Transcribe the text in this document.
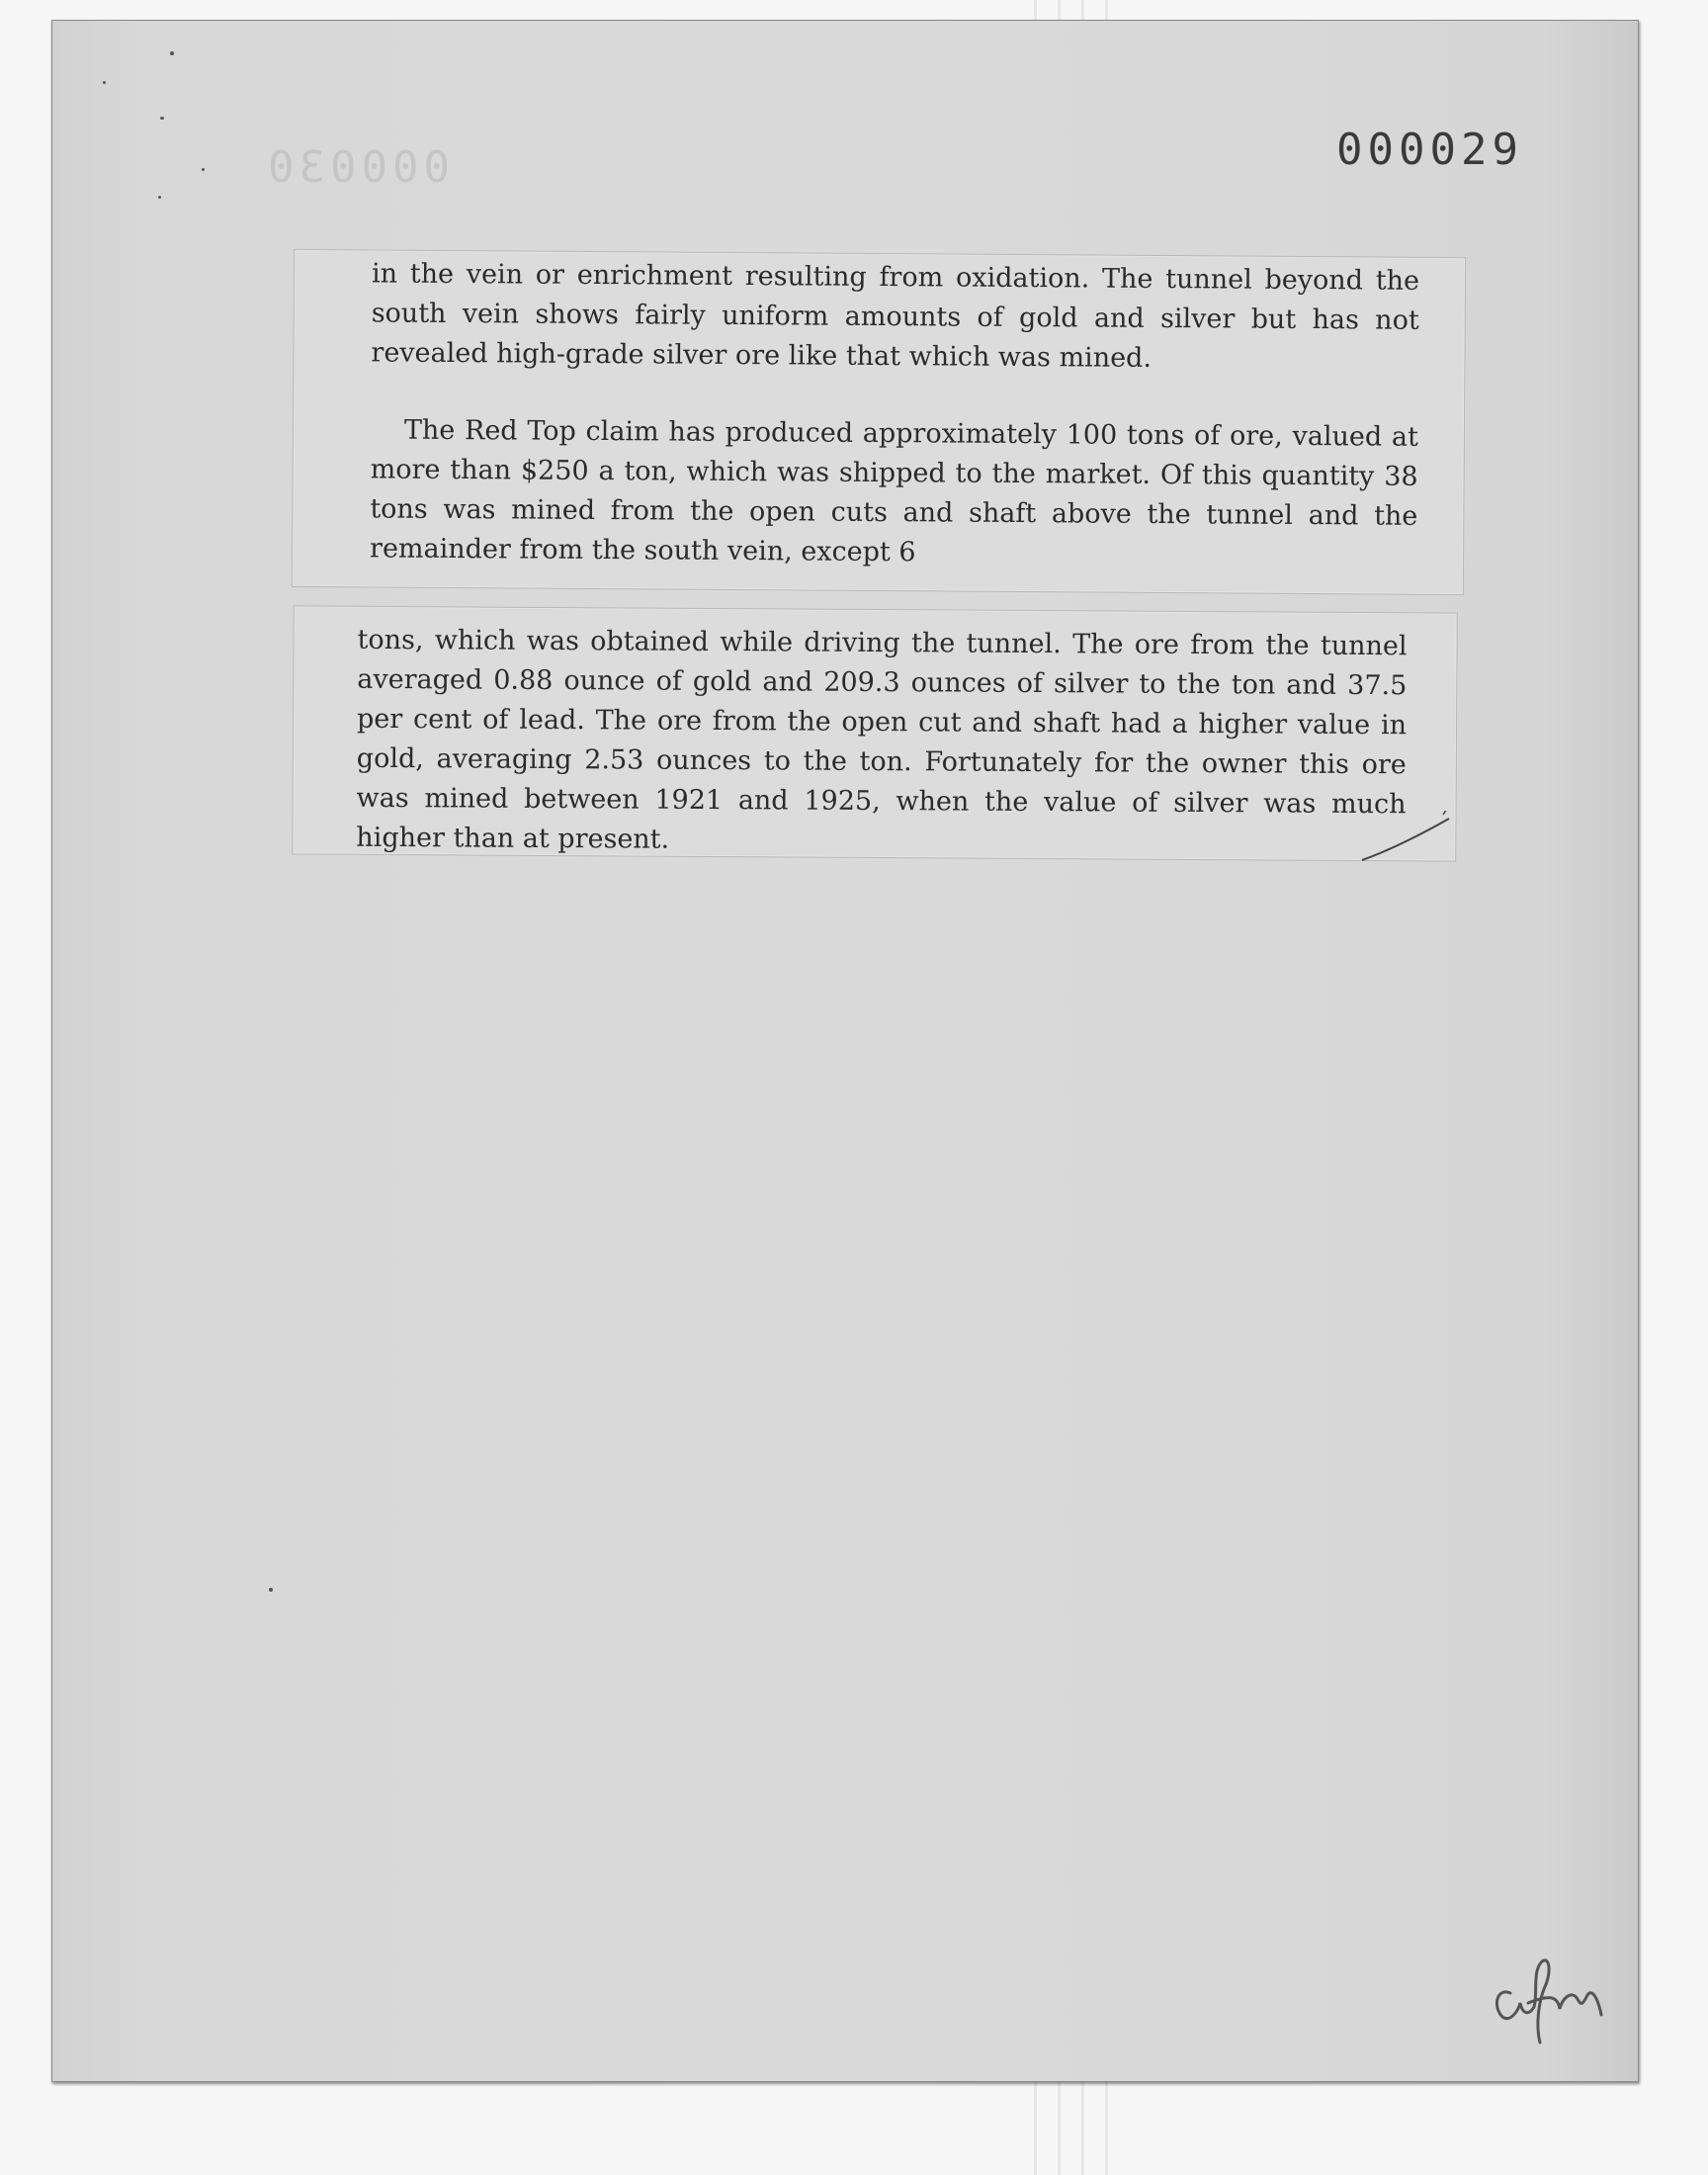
000030	000029

in the vein or enrichment resulting from oxidation. The tunnel beyond the south vein shows fairly uniform amounts of gold and silver but has not revealed high-grade silver ore like that which was mined.

The Red Top claim has produced approximately 100 tons of ore, valued at more than $250 a ton, which was shipped to the market. Of this quantity 38 tons was mined from the open cuts and shaft above the tunnel and the remainder from the south vein, except 6

tons, which was obtained while driving the tunnel. The ore from the tunnel averaged 0.88 ounce of gold and 209.3 ounces of silver to the ton and 37.5 per cent of lead. The ore from the open cut and shaft had a higher value in gold, averaging 2.53 ounces to the ton. Fortunately for the owner this ore was mined between 1921 and 1925, when the value of silver was much higher than at present.
